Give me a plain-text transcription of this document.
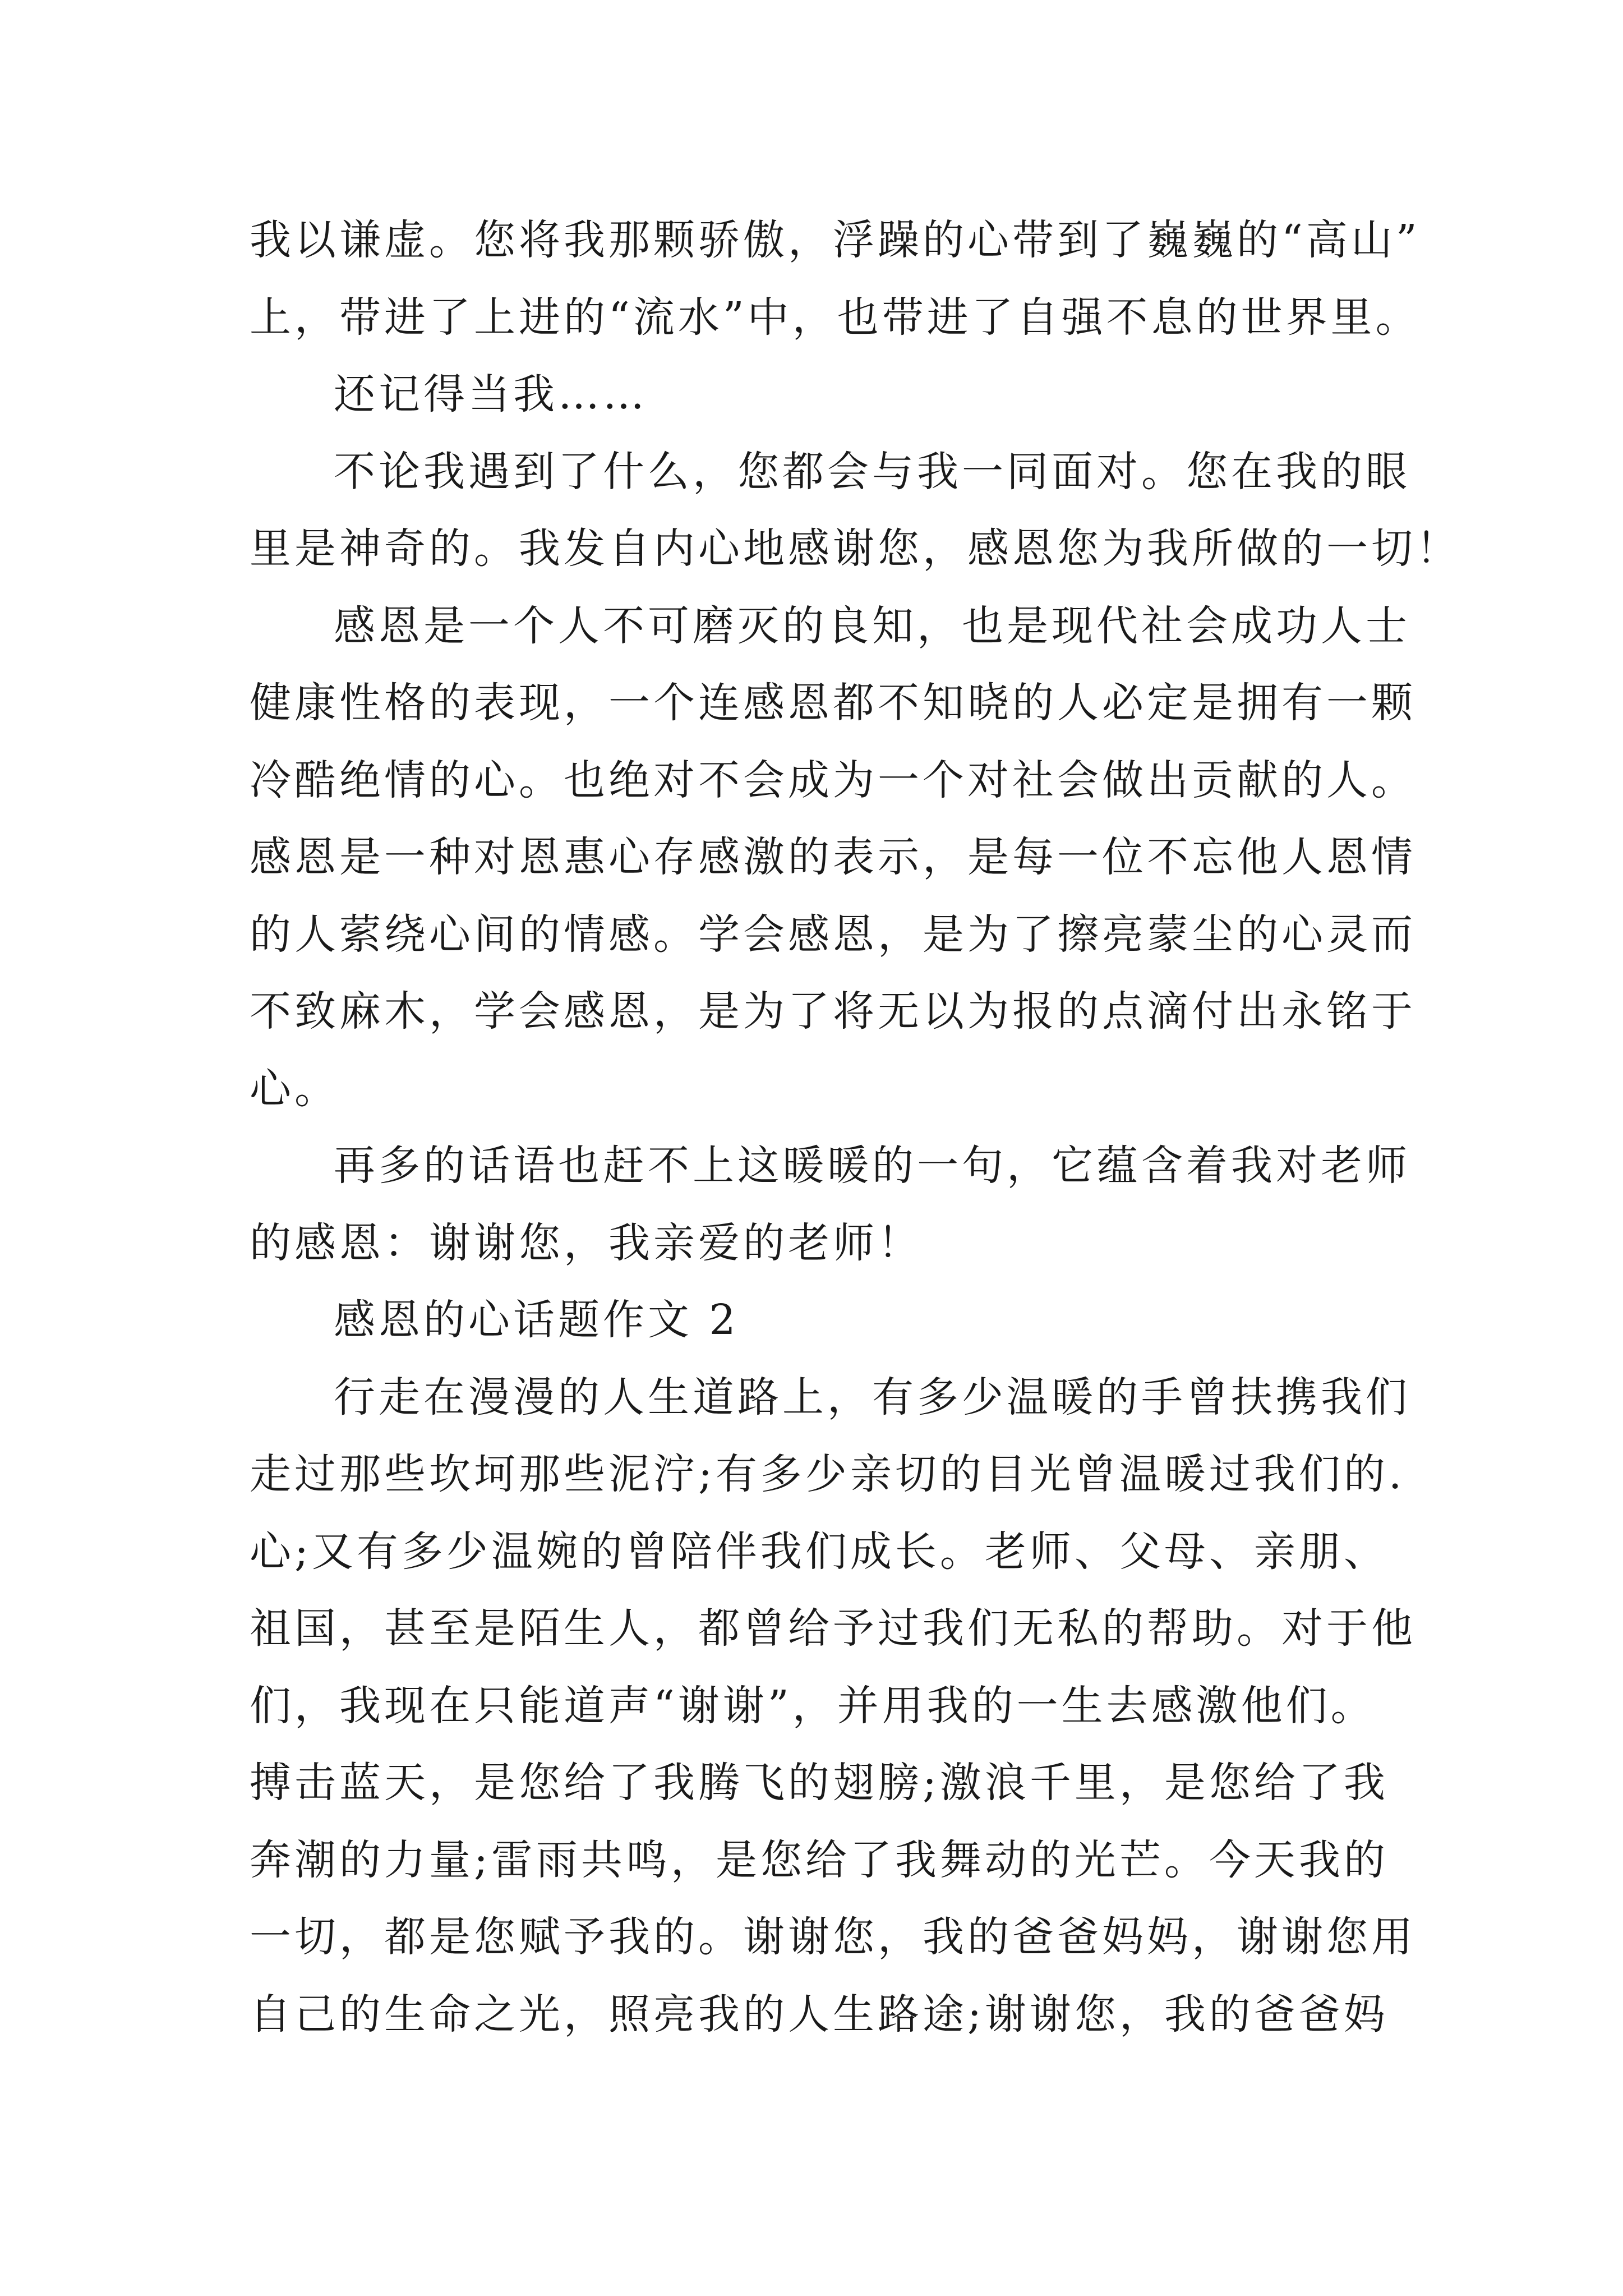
我以谦虚。您将我那颗骄傲，浮躁的心带到了巍巍的“高山”
上，带进了上进的“流水”中，也带进了自强不息的世界里。
还记得当我……
不论我遇到了什么，您都会与我一同面对。您在我的眼
里是神奇的。我发自内心地感谢您，感恩您为我所做的一切！
感恩是一个人不可磨灭的良知，也是现代社会成功人士
健康性格的表现，一个连感恩都不知晓的人必定是拥有一颗
冷酷绝情的心。也绝对不会成为一个对社会做出贡献的人。
感恩是一种对恩惠心存感激的表示，是每一位不忘他人恩情
的人萦绕心间的情感。学会感恩，是为了擦亮蒙尘的心灵而
不致麻木，学会感恩，是为了将无以为报的点滴付出永铭于
心。
再多的话语也赶不上这暖暖的一句，它蕴含着我对老师
的感恩：谢谢您，我亲爱的老师！
感恩的心话题作文 2
行走在漫漫的人生道路上，有多少温暖的手曾扶携我们
走过那些坎坷那些泥泞;有多少亲切的目光曾温暖过我们的.
心;又有多少温婉的曾陪伴我们成长。老师、父母、亲朋、
祖国，甚至是陌生人，都曾给予过我们无私的帮助。对于他
们，我现在只能道声“谢谢”，并用我的一生去感激他们。
搏击蓝天，是您给了我腾飞的翅膀;激浪千里，是您给了我
奔潮的力量;雷雨共鸣，是您给了我舞动的光芒。今天我的
一切，都是您赋予我的。谢谢您，我的爸爸妈妈，谢谢您用
自己的生命之光，照亮我的人生路途;谢谢您，我的爸爸妈
